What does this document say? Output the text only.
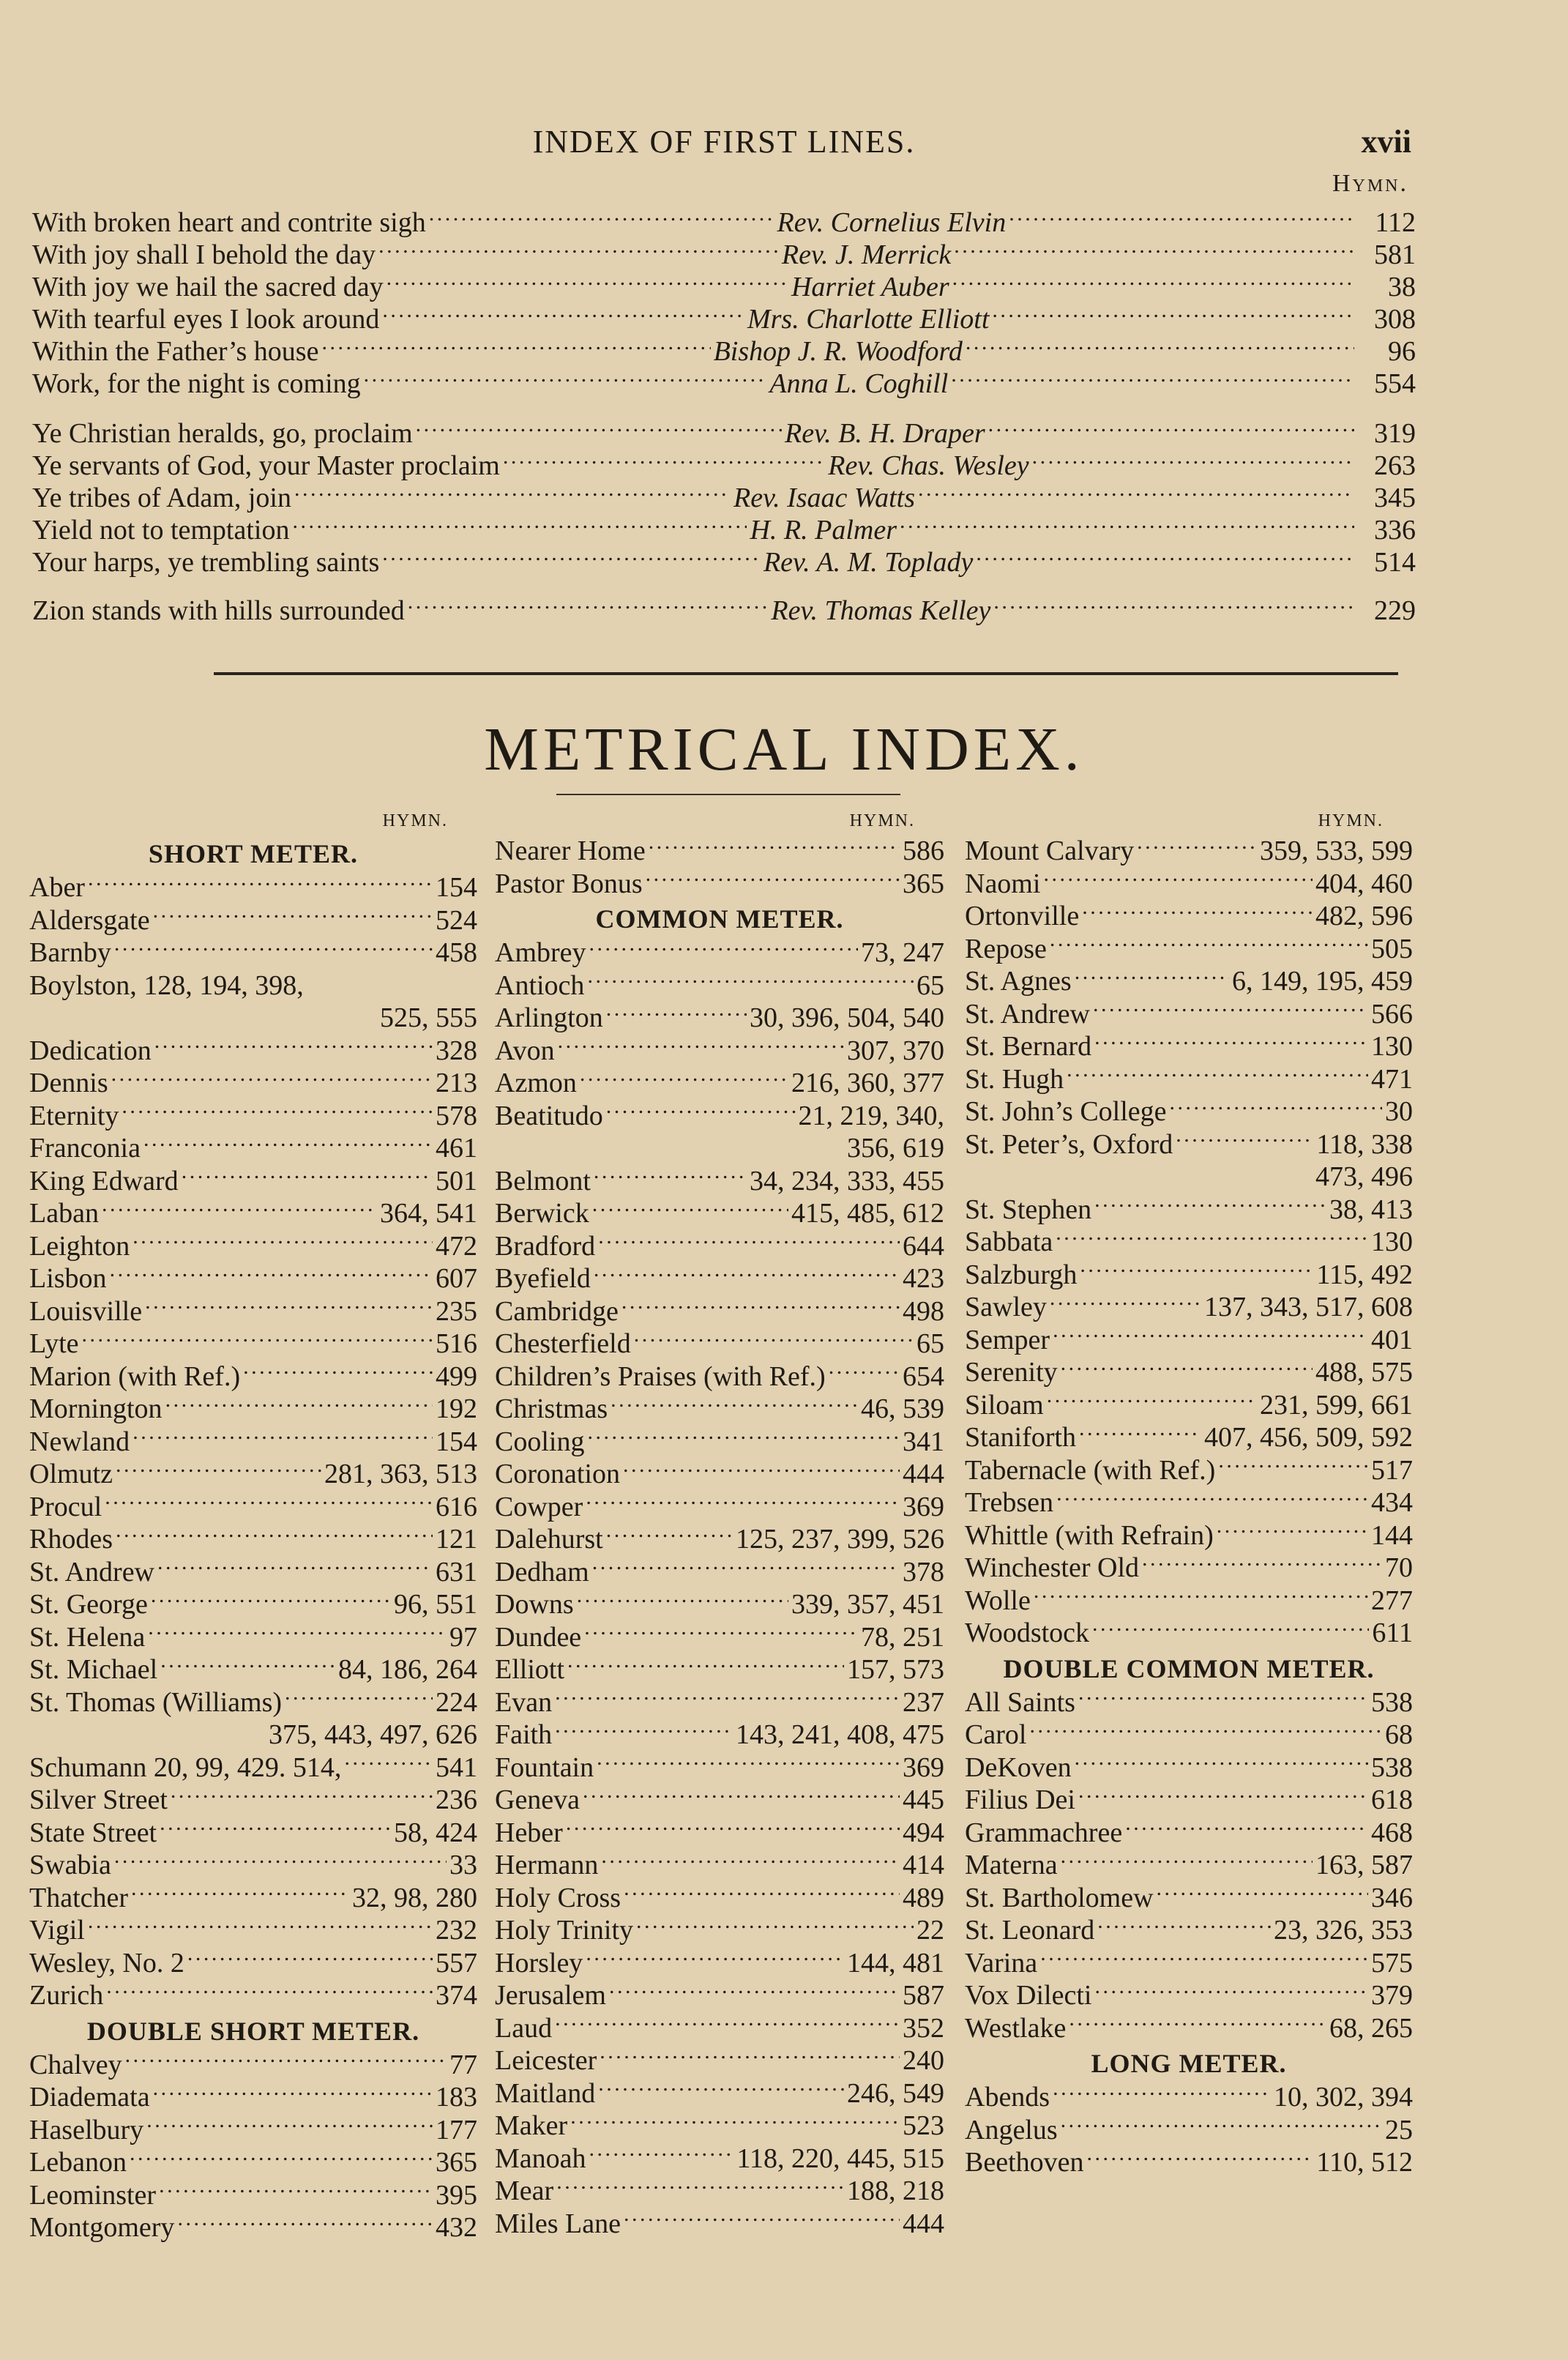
INDEX OF FIRST LINES.	xvii
Hymn.
With broken heart and contrite sigh . . .	Rev. Cornelius Elvin . . .	112
With joy shall I behold the day . . .	Rev. J. Merrick . . .	581
With joy we hail the sacred day . . .	Harriet Auber . . .	38
With tearful eyes I look around . . .	Mrs. Charlotte Elliott . . .	308
Within the Father’s house . . .	Bishop J. R. Woodford . . .	96
Work, for the night is coming . . .	Anna L. Coghill . . .	554
Ye Christian heralds, go, proclaim . . .	Rev. B. H. Draper . . .	319
Ye servants of God, your Master proclaim . . .	Rev. Chas. Wesley . . .	263
Ye tribes of Adam, join . . .	Rev. Isaac Watts . . .	345
Yield not to temptation . . .	H. R. Palmer . . .	336
Your harps, ye trembling saints . . .	Rev. A. M. Toplady . . .	514
Zion stands with hills surrounded . . .	Rev. Thomas Kelley . . .	229
METRICAL INDEX.
HYMN.
SHORT METER.
Aber . . .	154
Aldersgate . . .	524
Barnby . . .	458
Boylston, 128, 194, 398,
525, 555
Dedication . . .	328
Dennis . . .	213
Eternity . . .	578
Franconia . . .	461
King Edward . . .	501
Laban . . .	364, 541
Leighton . . .	472
Lisbon . . .	607
Louisville . . .	235
Lyte . . .	516
Marion (with Ref.) . . .	499
Mornington . . .	192
Newland . . .	154
Olmutz . . .	281, 363, 513
Procul . . .	616
Rhodes . . .	121
St. Andrew . . .	631
St. George . . .	96, 551
St. Helena . . .	97
St. Michael . . .	84, 186, 264
St. Thomas (Williams) . . .	224
375, 443, 497, 626
Schumann 20, 99, 429. 514, . . .	541
Silver Street . . .	236
State Street . . .	58, 424
Swabia . . .	33
Thatcher . . .	32, 98, 280
Vigil . . .	232
Wesley, No. 2 . . .	557
Zurich . . .	374
DOUBLE SHORT METER.
Chalvey . . .	77
Diademata . . .	183
Haselbury . . .	177
Lebanon . . .	365
Leominster . . .	395
Montgomery . . .	432
HYMN.
Nearer Home . . .	586
Pastor Bonus . . .	365
COMMON METER.
Ambrey . . .	73, 247
Antioch . . .	65
Arlington . . .	30, 396, 504, 540
Avon . . .	307, 370
Azmon . . .	216, 360, 377
Beatitudo . . .	21, 219, 340,
356, 619
Belmont . . .	34, 234, 333, 455
Berwick . . .	415, 485, 612
Bradford . . .	644
Byefield . . .	423
Cambridge . . .	498
Chesterfield . . .	65
Children’s Praises (with Ref.) . . .	654
Christmas . . .	46, 539
Cooling . . .	341
Coronation . . .	444
Cowper . . .	369
Dalehurst . . .	125, 237, 399, 526
Dedham . . .	378
Downs . . .	339, 357, 451
Dundee . . .	78, 251
Elliott . . .	157, 573
Evan . . .	237
Faith . . .	143, 241, 408, 475
Fountain . . .	369
Geneva . . .	445
Heber . . .	494
Hermann . . .	414
Holy Cross . . .	489
Holy Trinity . . .	22
Horsley . . .	144, 481
Jerusalem . . .	587
Laud . . .	352
Leicester . . .	240
Maitland . . .	246, 549
Maker . . .	523
Manoah . . .	118, 220, 445, 515
Mear . . .	188, 218
Miles Lane . . .	444
HYMN.
Mount Calvary . . .	359, 533, 599
Naomi . . .	404, 460
Ortonville . . .	482, 596
Repose . . .	505
St. Agnes . . .	6, 149, 195, 459
St. Andrew . . .	566
St. Bernard . . .	130
St. Hugh . . .	471
St. John’s College . . .	30
St. Peter’s, Oxford . . .	118, 338
473, 496
St. Stephen . . .	38, 413
Sabbata . . .	130
Salzburgh . . .	115, 492
Sawley . . .	137, 343, 517, 608
Semper . . .	401
Serenity . . .	488, 575
Siloam . . .	231, 599, 661
Staniforth . . .	407, 456, 509, 592
Tabernacle (with Ref.) . . .	517
Trebsen . . .	434
Whittle (with Refrain) . . .	144
Winchester Old . . .	70
Wolle . . .	277
Woodstock . . .	611
DOUBLE COMMON METER.
All Saints . . .	538
Carol . . .	68
DeKoven . . .	538
Filius Dei . . .	618
Grammachree . . .	468
Materna . . .	163, 587
St. Bartholomew . . .	346
St. Leonard . . .	23, 326, 353
Varina . . .	575
Vox Dilecti . . .	379
Westlake . . .	68, 265
LONG METER.
Abends . . .	10, 302, 394
Angelus . . .	25
Beethoven . . .	110, 512
